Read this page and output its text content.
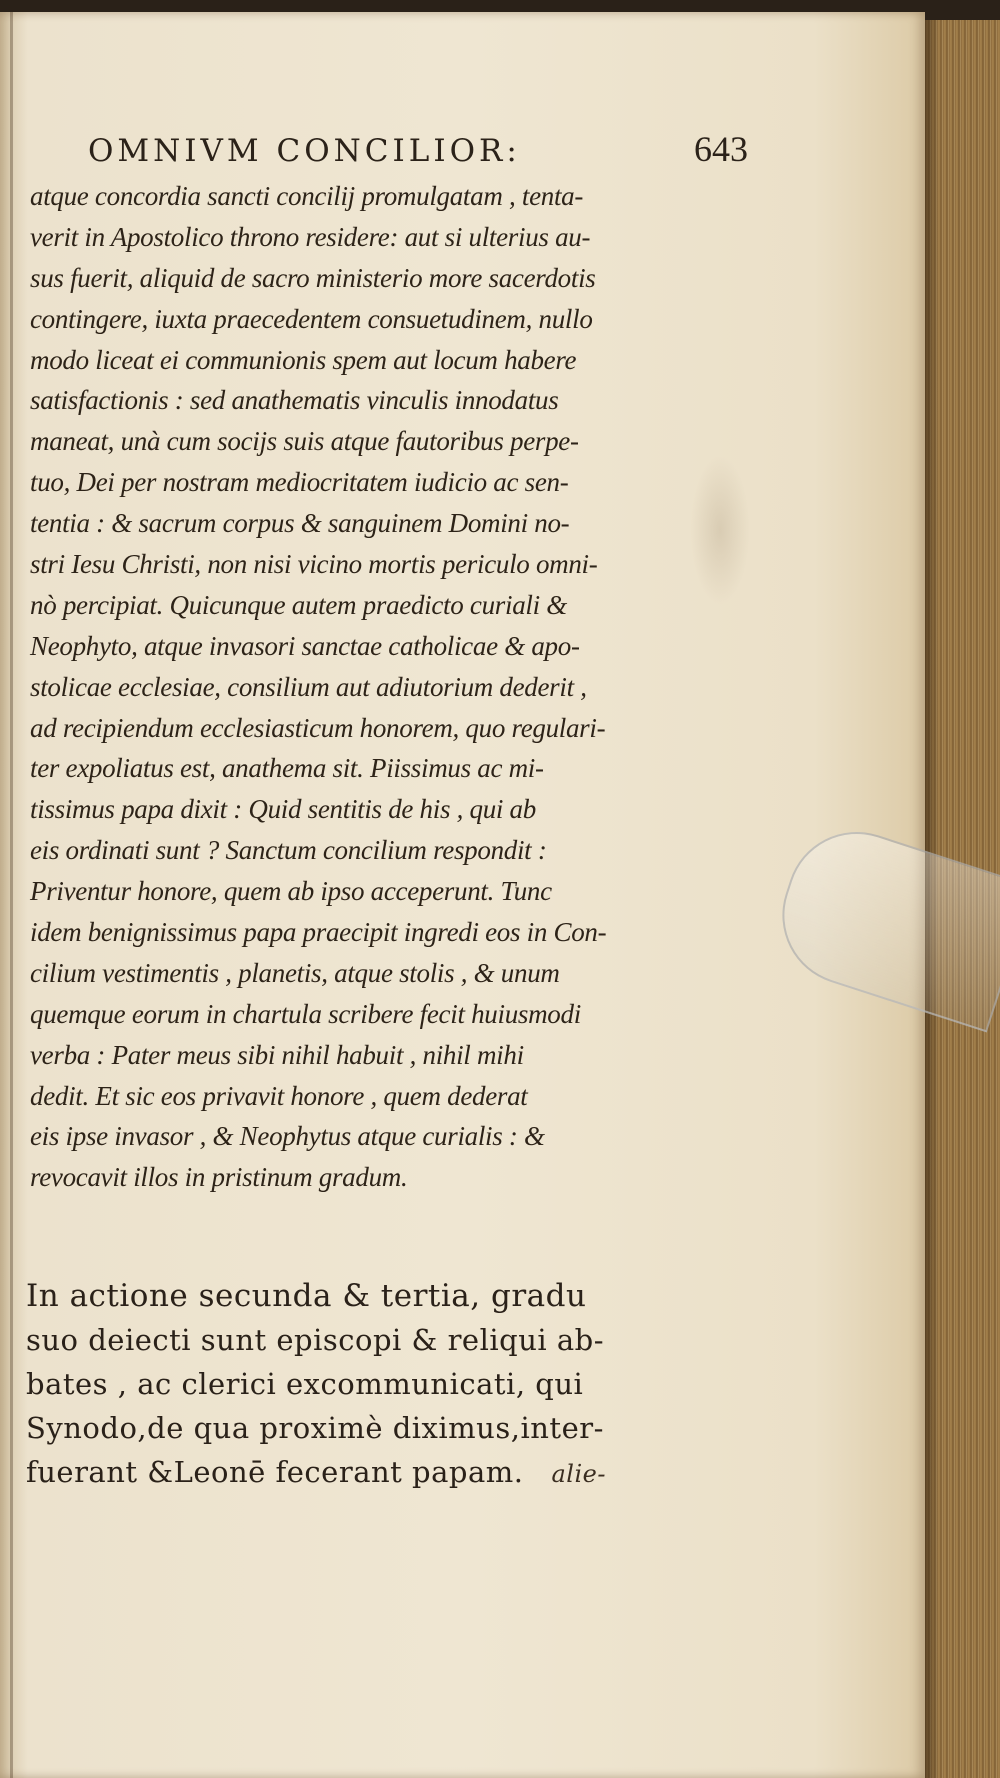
OMNIVM CONCILIOR:	643
atque concordia sancti concilij promulgatam , tenta-
verit in Apostolico throno residere: aut si ulterius au-
sus fuerit, aliquid de sacro ministerio more sacerdotis
contingere, iuxta praecedentem consuetudinem, nullo
modo liceat ei communionis spem aut locum habere
satisfactionis : sed anathematis vinculis innodatus
maneat, unà cum socijs suis atque fautoribus perpe-
tuo, Dei per nostram mediocritatem iudicio ac sen-
tentia : & sacrum corpus & sanguinem Domini no-
stri Iesu Christi, non nisi vicino mortis periculo omni-
nò percipiat. Quicunque autem praedicto curiali &
Neophyto, atque invasori sanctae catholicae & apo-
stolicae ecclesiae, consilium aut adiutorium dederit ,
ad recipiendum ecclesiasticum honorem, quo regulari-
ter expoliatus est, anathema sit. Piissimus ac mi-
tissimus papa dixit : Quid sentitis de his , qui ab
eis ordinati sunt ? Sanctum concilium respondit :
Priventur honore, quem ab ipso acceperunt. Tunc
idem benignissimus papa praecipit ingredi eos in Con-
cilium vestimentis , planetis, atque stolis , & unum
quemque eorum in chartula scribere fecit huiusmodi
verba : Pater meus sibi nihil habuit , nihil mihi
dedit. Et sic eos privavit honore , quem dederat
eis ipse invasor , & Neophytus atque curialis : &
revocavit illos in pristinum gradum.
In actione secunda & tertia, gradu
suo deiecti sunt episcopi & reliqui ab-
bates , ac clerici excommunicati, qui
Synodo,de qua proximè diximus,inter-
fuerant &Leonē fecerant papam. alie-
